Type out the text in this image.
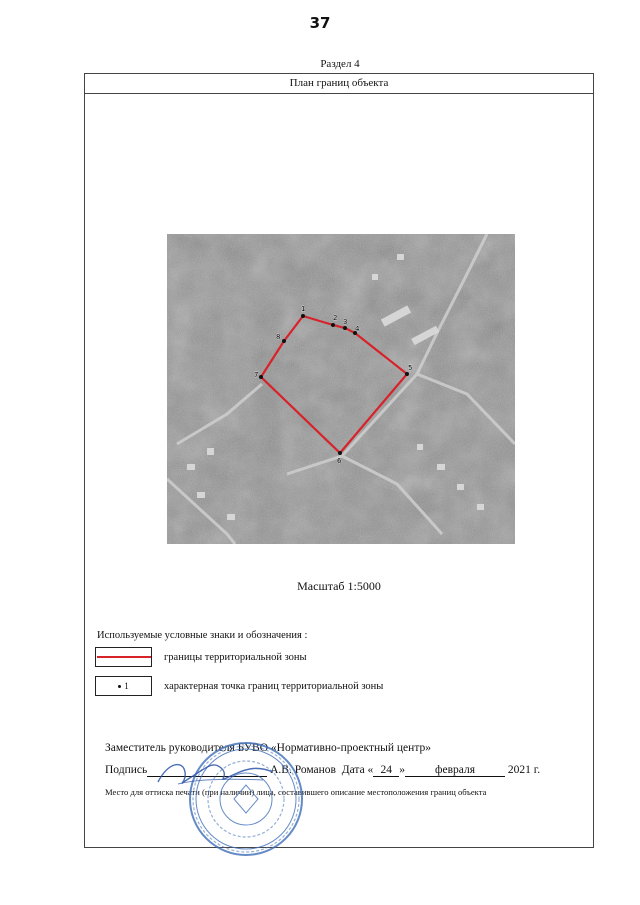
37
Раздел 4
План границ объекта
1
2 3
4
5
6
7
8
Масштаб 1:5000
Используемые условные знаки и обозначения :
границы территориальной зоны
1	характерная точка границ территориальной зоны
Заместитель руководителя БУВО «Нормативно-проектный центр»
Подпись	А.В. Романов Дата « 24 »	февраля	2021 г.
Место для оттиска печати (при наличии) лица, составившего описание местоположения границ объекта
